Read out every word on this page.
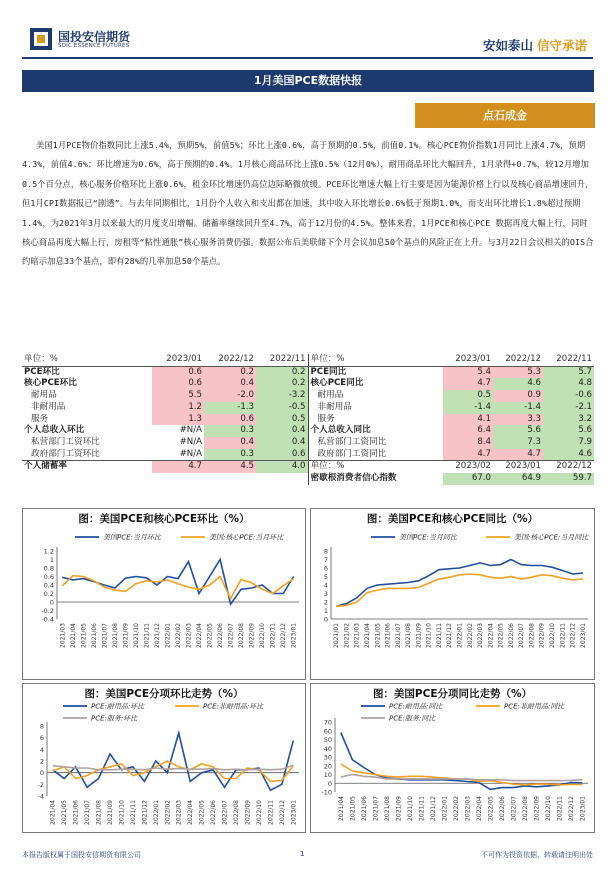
国投安信期货
SDIC ESSENCE FUTURES	安如泰山 信守承诺
1月美国PCE数据快报
点石成金
美国1月PCE物价指数同比上涨5.4%，预期5%，前值5%；环比上涨0.6%，高于预期的0.5%，前值0.1%。核心PCE物价指数1月同比上涨4.7%，预期4.3%，前值4.6%；环比增速为0.6%，高于预期的0.4%。1月核心商品环比上涨0.5%（12月0%），耐用商品环比大幅回升，1月录得+0.7%，较12月增加0.5个百分点，核心服务价格环比上涨0.6%，租金环比增速仍高位边际略微放缓。PCE环比增速大幅上行主要是因为能源价格上行以及核心商品增速回升，但1月CPI数据报已“剧透”。与去年同期相比，1月份个人收入和支出都在加速，其中收入环比增长0.6%低于预期1.0%，而支出环比增长1.8%超过预期1.4%，为2021年3月以来最大的月度支出增幅。储蓄率继续回升至4.7%，高于12月份的4.5%。整体来看，1月PCE和核心PCE 数据再度大幅上行，同时核心商品再度大幅上行，房租等“粘性通胀”核心服务消费仍强。数据公布后美联储下个月会议加息50个基点的风险正在上升。与3月22日会议相关的OIS合约暗示加息33个基点，即有28%的几率加息50个基点。
单位：%	2023/01	2022/12	2022/11	单位：%	2023/01	2022/12	2022/11
PCE环比	0.6	0.2	0.2	PCE同比	5.4	5.3	5.7
核心PCE环比	0.6	0.4	0.2	核心PCE同比	4.7	4.6	4.8
耐用品	5.5	-2.0	-3.2	耐用品	0.5	0.9	-0.6
非耐用品	1.2	-1.3	-0.5	非耐用品	-1.4	-1.4	-2.1
服务	1.3	0.6	0.5	服务	4.1	3.3	3.2
个人总收入环比	#N/A	0.3	0.4	个人总收入同比	6.4	5.6	5.6
私营部门工资环比	#N/A	0.4	0.4	私营部门工资同比	8.4	7.3	7.9
政府部门工资环比	#N/A	0.3	0.6	政府部门工资同比	4.7	4.7	4.6
个人储蓄率	4.7	4.5	4.0	单位：%	2023/02	2023/01	2022/12
				密歇根消费者信心指数	67.0	64.9	59.7
图：美国PCE和核心PCE环比（%）
-0.4
-0.2
0
0.2
0.4
0.6
0.8
1
1.2
2021/03 2021/04 2021/05 2021/06 2021/07 2021/08 2021/09 2021/10 2021/11 2021/12 2022/01 2022/02 2022/03 2022/04 2022/05 2022/06 2022/07 2022/08 2022/09 2022/10 2022/11 2022/12 2023/01
美国PCE:当月环比	美国:核心PCE:当月环比
图：美国PCE和核心PCE同比（%）
0
1
2
3
4
5
6
7
8
2021/01 2021/02 2021/03 2021/04 2021/05 2021/06 2021/07 2021/08 2021/09 2021/10 2021/11 2021/12 2022/01 2022/02 2022/03 2022/04 2022/05 2022/06 2022/07 2022/08 2022/09 2022/10 2022/11 2022/12 2023/01
美国PCE:当月同比	美国:核心PCE:当月同比
图：美国PCE分项环比走势（%）
-4
-2
0
2
4
6
8
2021/04 2021/05 2021/06 2021/07 2021/08 2021/09 2021/10 2021/11 2021/12 2022/01 2022/02 2022/03 2022/04 2022/05 2022/06 2022/07 2022/08 2022/09 2022/10 2022/11 2022/12 2023/01
PCE:耐用品:环比	PCE:非耐用品:环比
PCE:服务:环比
图：美国PCE分项同比走势（%）
-10
0
10
20
30
40
50
60
70
2021/04 2021/05 2021/06 2021/07 2021/08 2021/09 2021/10 2021/11 2021/12 2022/01 2022/02 2022/03 2022/04 2022/05 2022/06 2022/07 2022/08 2022/09 2022/10 2022/11 2022/12 2023/01
PCE:耐用品:同比	PCE:非耐用品:同比
PCE:服务:同比
本报告版权属于国投安信期货有限公司	1	不可作为投资依据，转载请注明出处
